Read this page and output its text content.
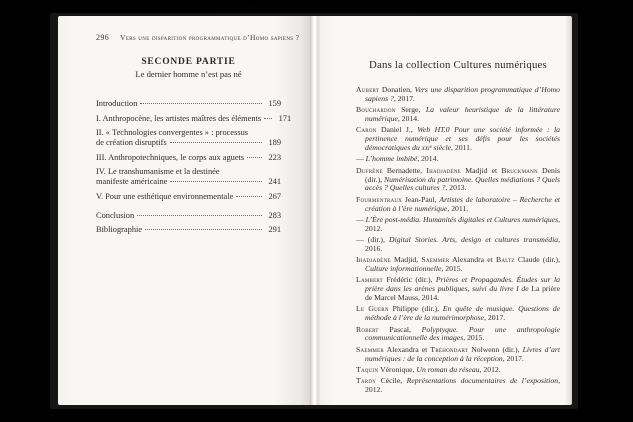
296 Vers une disparition programmatique d’Homo sapiens ?
SECONDE PARTIE
Le dernier homme n’est pas né
Introduction	159
I. Anthropocène, les artistes maîtres des éléments	171
II. « Technologies convergentes » : processus
de création disruptifs	189
III. Anthropotechniques, le corps aux aguets	223
IV. Le transhumanisme et la destinée
manifeste américaine	241
V. Pour une esthétique environnementale	267
Conclusion	283
Bibliographie	291
Dans la collection Cultures numériques

Aubert Donatien, Vers une disparition programmatique d’Homo sapiens ?, 2017.

Bouchardon Serge, La valeur heuristique de la littérature numérique, 2014.

Caron Daniel J., Web HT.0 Pour une société informée : la pertinence numérique et ses défis pour les sociétés démocratiques du xxiᵉ siècle, 2011.

— L’homme imbibé, 2014.

Dufrêne Bernadette, Ihadjadène Madjid et Bruckmann Denis (dir.), Numérisation du patrimoine. Quelles médiations ? Quels accès ? Quelles cultures ?, 2013.

Fourmentraux Jean-Paul, Artistes de laboratoire – Recherche et création à l’ère numérique, 2011.

— L’Ère post-média. Humanités digitales et Cultures numériques, 2012.

— (dir.), Digital Stories. Arts, design et cultures transmédia, 2016.

Ihadjadène Madjid, Saemmer Alexandra et Baltz Claude (dir.), Culture informationnelle, 2015.

Lambert Frédéric (dir.), Prières et Propagandes. Études sur la prière dans les arènes publiques, suivi du livre I de La prière de Marcel Mauss, 2014.

Le Guern Philippe (dir.), En quête de musique. Questions de méthode à l’ère de la numérimorphose, 2017.

Robert Pascal, Polyptyque. Pour une anthropologie communicationnelle des images, 2015.

Saemmer Alexandra et Tréhondart Nolwenn (dir.), Livres d’art numériques : de la conception à la réception, 2017.

Taquin Véronique, Un roman du réseau, 2012.

Tardy Cécile, Représentations documentaires de l’exposition, 2012.
